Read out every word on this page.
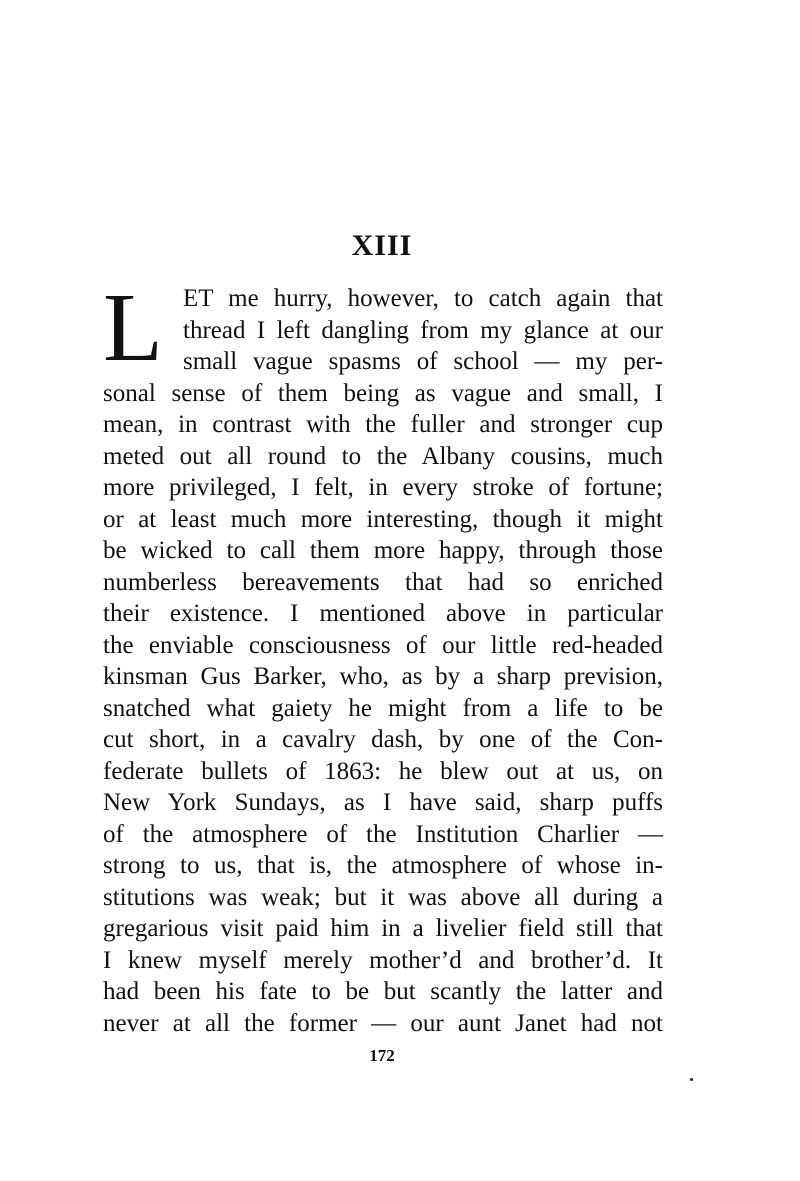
XIII
L ET me hurry, however, to catch again that
thread I left dangling from my glance at our
small vague spasms of school — my per-
sonal sense of them being as vague and small, I
mean, in contrast with the fuller and stronger cup
meted out all round to the Albany cousins, much
more privileged, I felt, in every stroke of fortune;
or at least much more interesting, though it might
be wicked to call them more happy, through those
numberless bereavements that had so enriched
their existence. I mentioned above in particular
the enviable consciousness of our little red-headed
kinsman Gus Barker, who, as by a sharp prevision,
snatched what gaiety he might from a life to be
cut short, in a cavalry dash, by one of the Con-
federate bullets of 1863: he blew out at us, on
New York Sundays, as I have said, sharp puffs
of the atmosphere of the Institution Charlier —
strong to us, that is, the atmosphere of whose in-
stitutions was weak; but it was above all during a
gregarious visit paid him in a livelier field still that
I knew myself merely mother’d and brother’d. It
had been his fate to be but scantly the latter and
never at all the former — our aunt Janet had not
172
